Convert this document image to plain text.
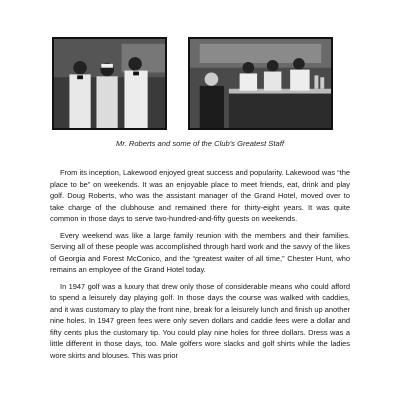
Mr. Roberts and some of the Club's Greatest Staff

From its inception, Lakewood enjoyed great success and popularity. Lakewood was “the place to be” on weekends. It was an enjoyable place to meet friends, eat, drink and play golf. Doug Roberts, who was the assistant manager of the Grand Hotel, moved over to take charge of the clubhouse and remained there for thirty-eight years. It was quite common in those days to serve two-hundred-and-fifty guests on weekends.

Every weekend was like a large family reunion with the members and their families. Serving all of these people was accomplished through hard work and the savvy of the likes of Georgia and Forest McConico, and the “greatest waiter of all time,” Chester Hunt, who remains an employee of the Grand Hotel today.

In 1947 golf was a luxury that drew only those of considerable means who could afford to spend a leisurely day playing golf. In those days the course was walked with caddies, and it was customary to play the front nine, break for a leisurely lunch and finish up another nine holes. In 1947 green fees were only seven dollars and caddie fees were a dollar and fifty cents plus the customary tip. You could play nine holes for three dollars. Dress was a little different in those days, too. Male golfers wore slacks and golf shirts while the ladies wore skirts and blouses. This was prior
